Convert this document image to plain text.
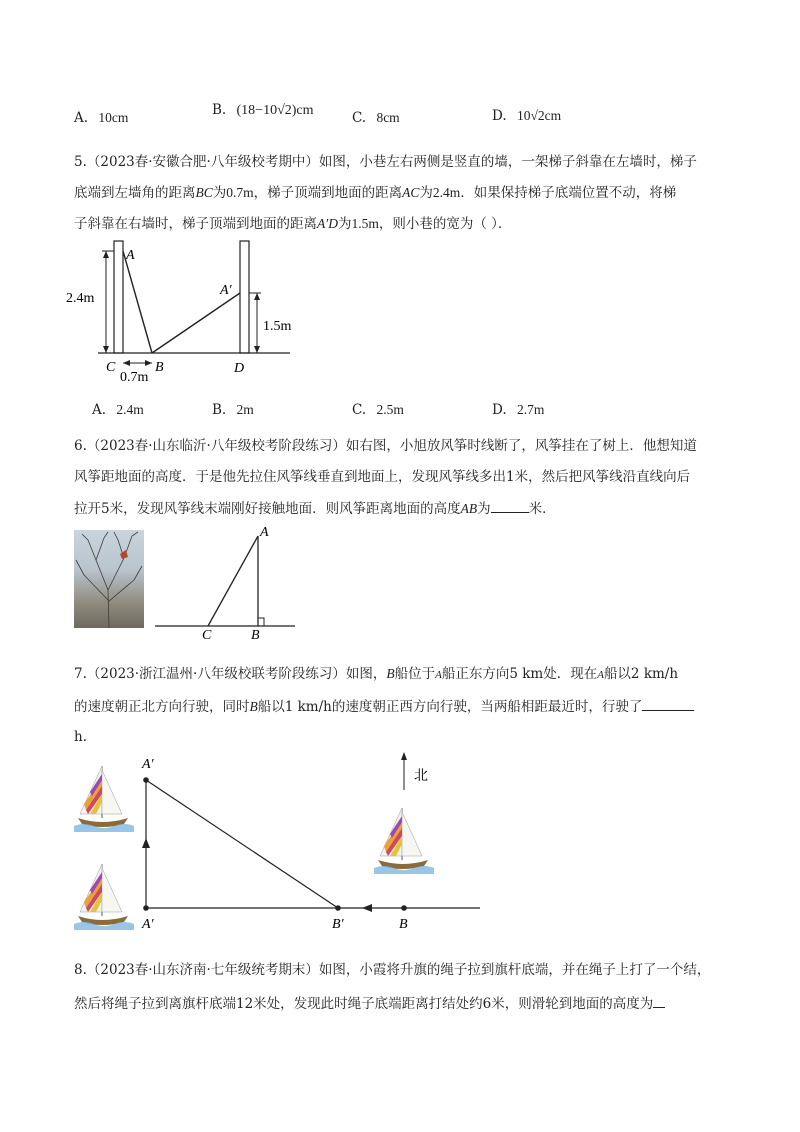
A. 10cm	B. (18−10√2)cm	C. 8cm	D. 10√2cm
5.（2023春·安徽合肥·八年级校考期中）如图，小巷左右两侧是竖直的墙，一架梯子斜靠在左墙时，梯子
底端到左墙角的距离BC为0.7m，梯子顶端到地面的距离AC为2.4m．如果保持梯子底端位置不动，将梯
子斜靠在右墙时，梯子顶端到地面的距离A′D为1.5m，则小巷的宽为（ ）．
A
A′
C	B	D
2.4m
1.5m
0.7m
A. 2.4m	B. 2m	C. 2.5m	D. 2.7m
6.（2023春·山东临沂·八年级校考阶段练习）如右图，小旭放风筝时线断了，风筝挂在了树上．他想知道
风筝距地面的高度．于是他先拉住风筝线垂直到地面上，发现风筝线多出1米，然后把风筝线沿直线向后
拉开5米，发现风筝线末端刚好接触地面．则风筝距离地面的高度AB为	米．
A
C	B
7.（2023·浙江温州·八年级校联考阶段练习）如图，B船位于A船正东方向5 km处．现在A船以2 km/h
的速度朝正北方向行驶，同时B船以1 km/h的速度朝正西方向行驶，当两船相距最近时，行驶了
h.
北
A′
A′	B′	B
8.（2023春·山东济南·七年级统考期末）如图，小霞将升旗的绳子拉到旗杆底端，并在绳子上打了一个结，
然后将绳子拉到离旗杆底端12米处，发现此时绳子底端距离打结处约6米，则滑轮到地面的高度为
